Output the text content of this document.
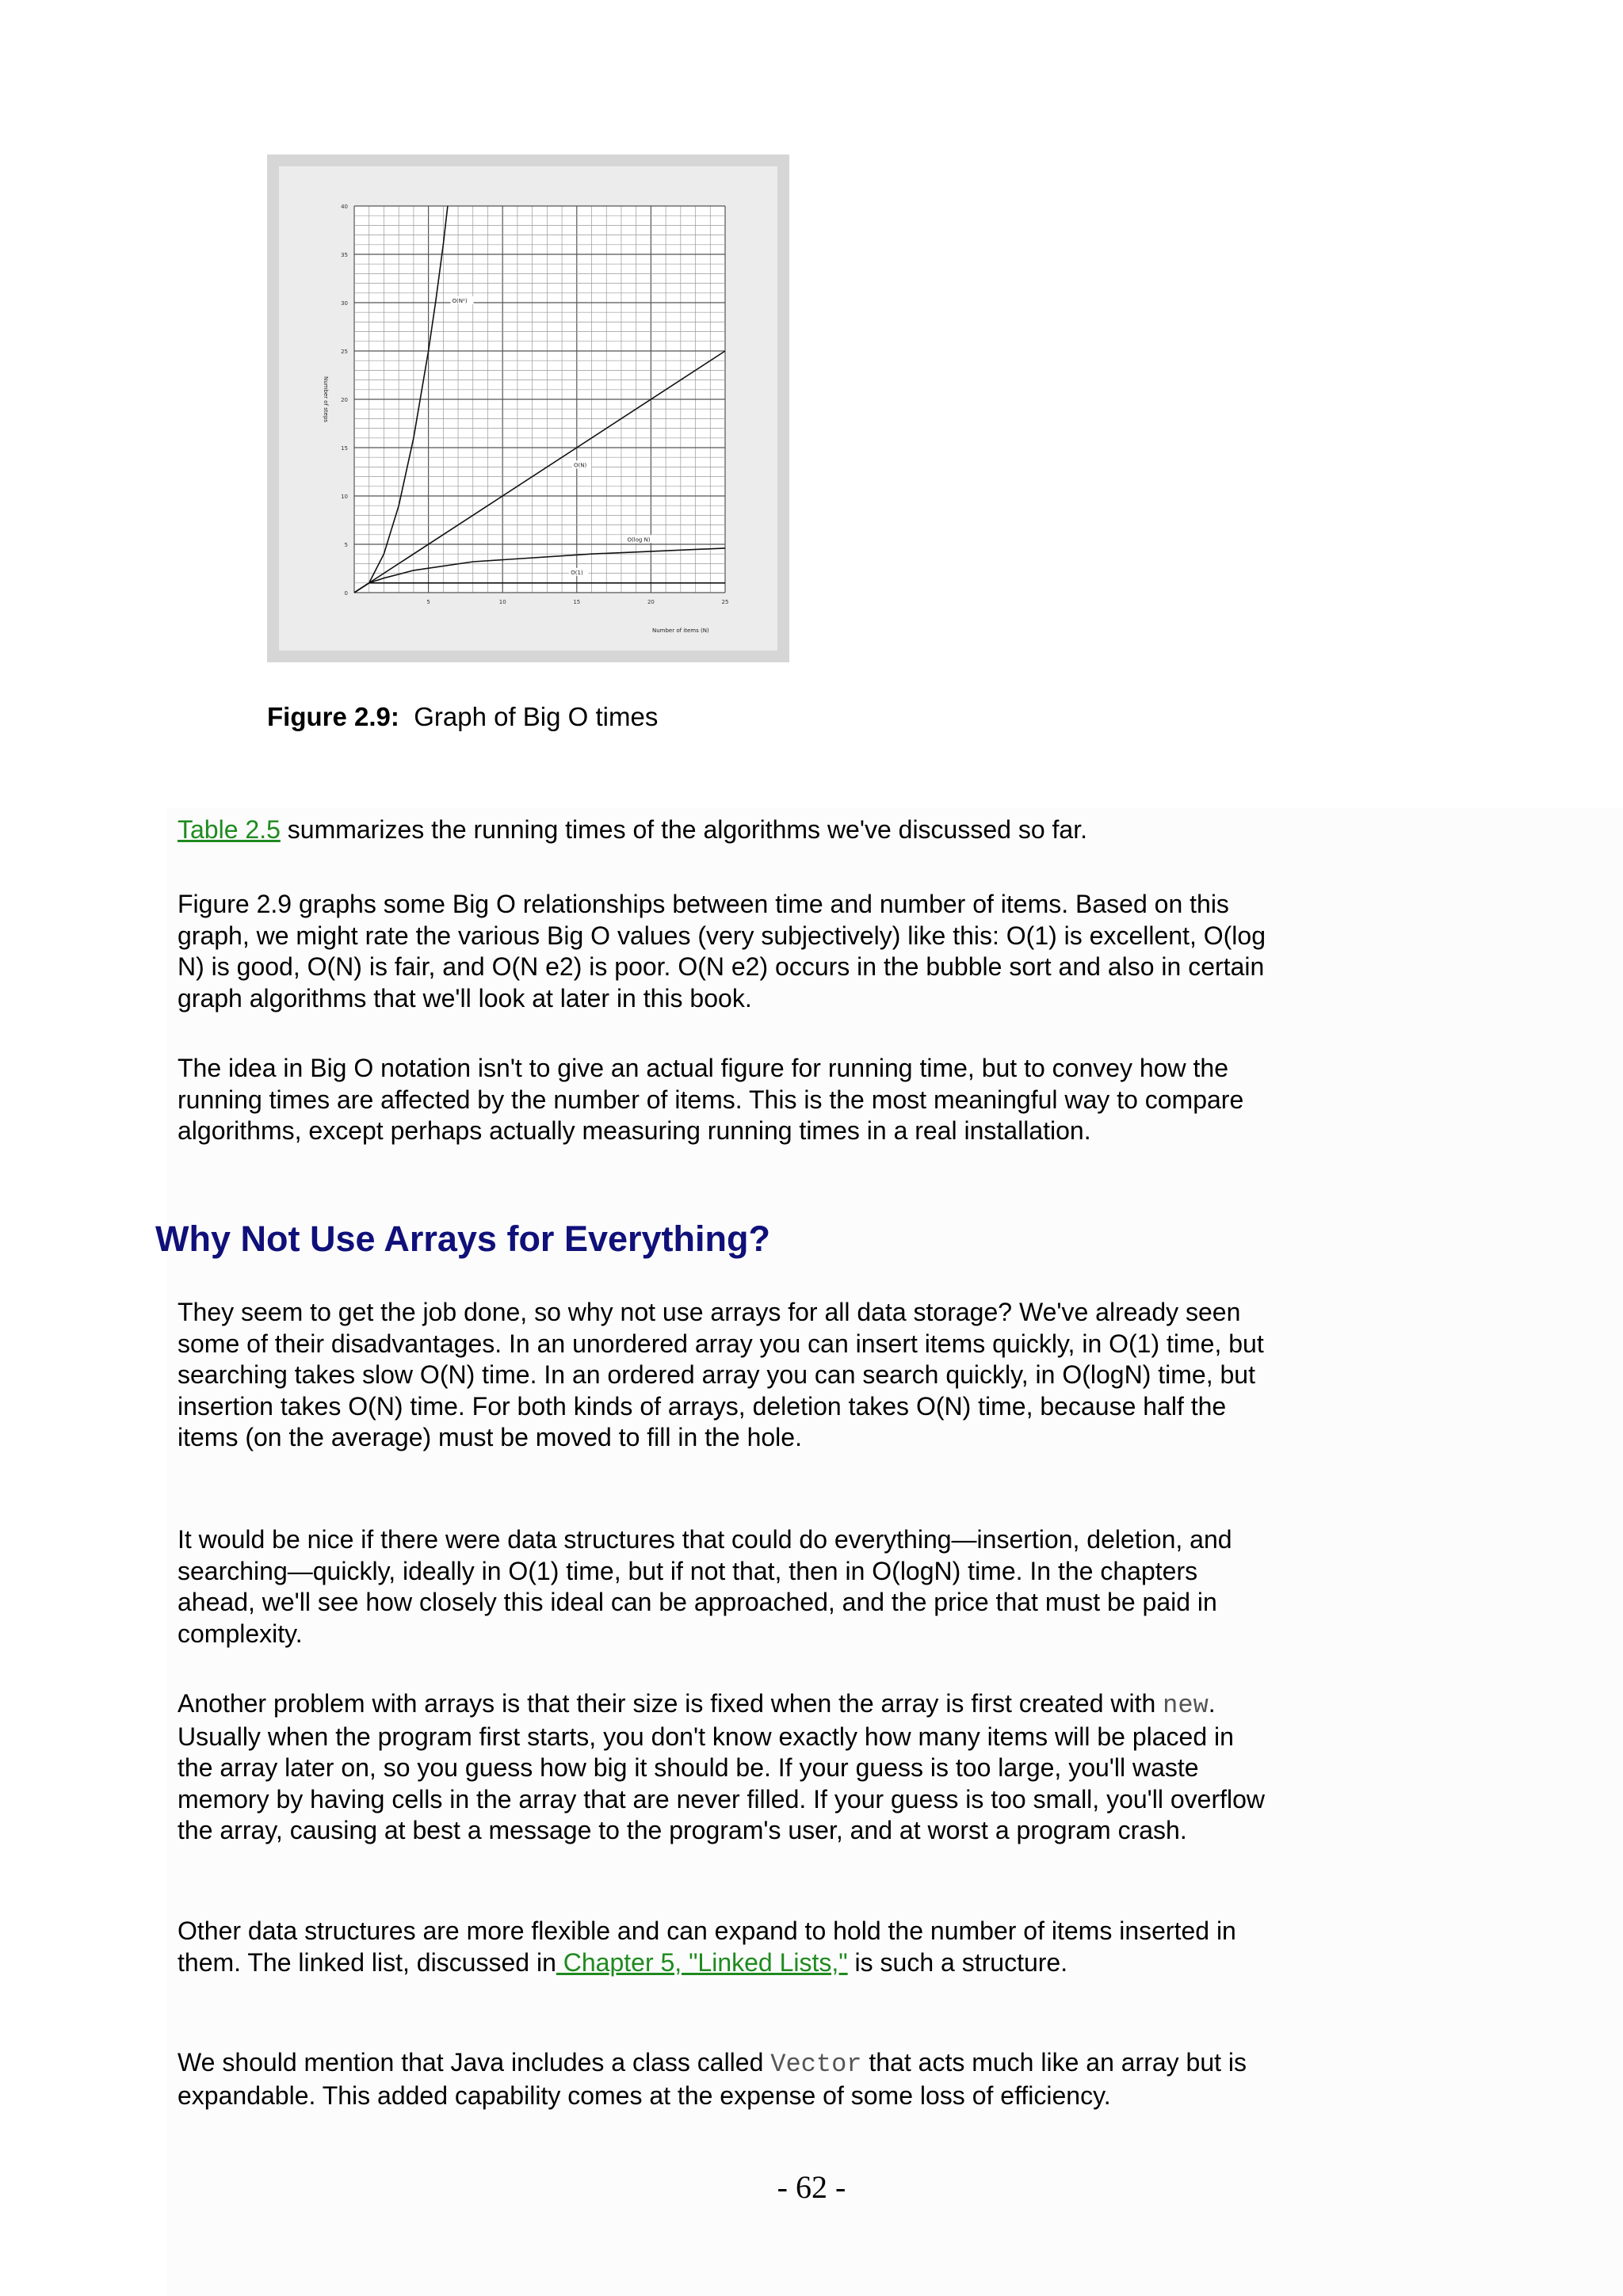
0
5
10
15
20
25
30
35
40
5	10	15	20	25
Number of items (N)
Number of steps
O(N²)
O(N)
O(log N)
O(1)
Figure 2.9: Graph of Big O times
Table 2.5 summarizes the running times of the algorithms we've discussed so far.
Figure 2.9 graphs some Big O relationships between time and number of items. Based on this graph, we might rate the various Big O values (very subjectively) like this: O(1) is excellent, O(log N) is good, O(N) is fair, and O(N e2) is poor. O(N e2) occurs in the bubble sort and also in certain graph algorithms that we'll look at later in this book.
The idea in Big O notation isn't to give an actual figure for running time, but to convey how the running times are affected by the number of items. This is the most meaningful way to compare algorithms, except perhaps actually measuring running times in a real installation.
Why Not Use Arrays for Everything?
They seem to get the job done, so why not use arrays for all data storage? We've already seen some of their disadvantages. In an unordered array you can insert items quickly, in O(1) time, but searching takes slow O(N) time. In an ordered array you can search quickly, in O(logN) time, but insertion takes O(N) time. For both kinds of arrays, deletion takes O(N) time, because half the items (on the average) must be moved to fill in the hole.
It would be nice if there were data structures that could do everything—insertion, deletion, and searching—quickly, ideally in O(1) time, but if not that, then in O(logN) time. In the chapters ahead, we'll see how closely this ideal can be approached, and the price that must be paid in complexity.
Another problem with arrays is that their size is fixed when the array is first created with new. Usually when the program first starts, you don't know exactly how many items will be placed in the array later on, so you guess how big it should be. If your guess is too large, you'll waste memory by having cells in the array that are never filled. If your guess is too small, you'll overflow the array, causing at best a message to the program's user, and at worst a program crash.
Other data structures are more flexible and can expand to hold the number of items inserted in them. The linked list, discussed in Chapter 5, "Linked Lists," is such a structure.
We should mention that Java includes a class called Vector that acts much like an array but is expandable. This added capability comes at the expense of some loss of efficiency.
- 62 -
